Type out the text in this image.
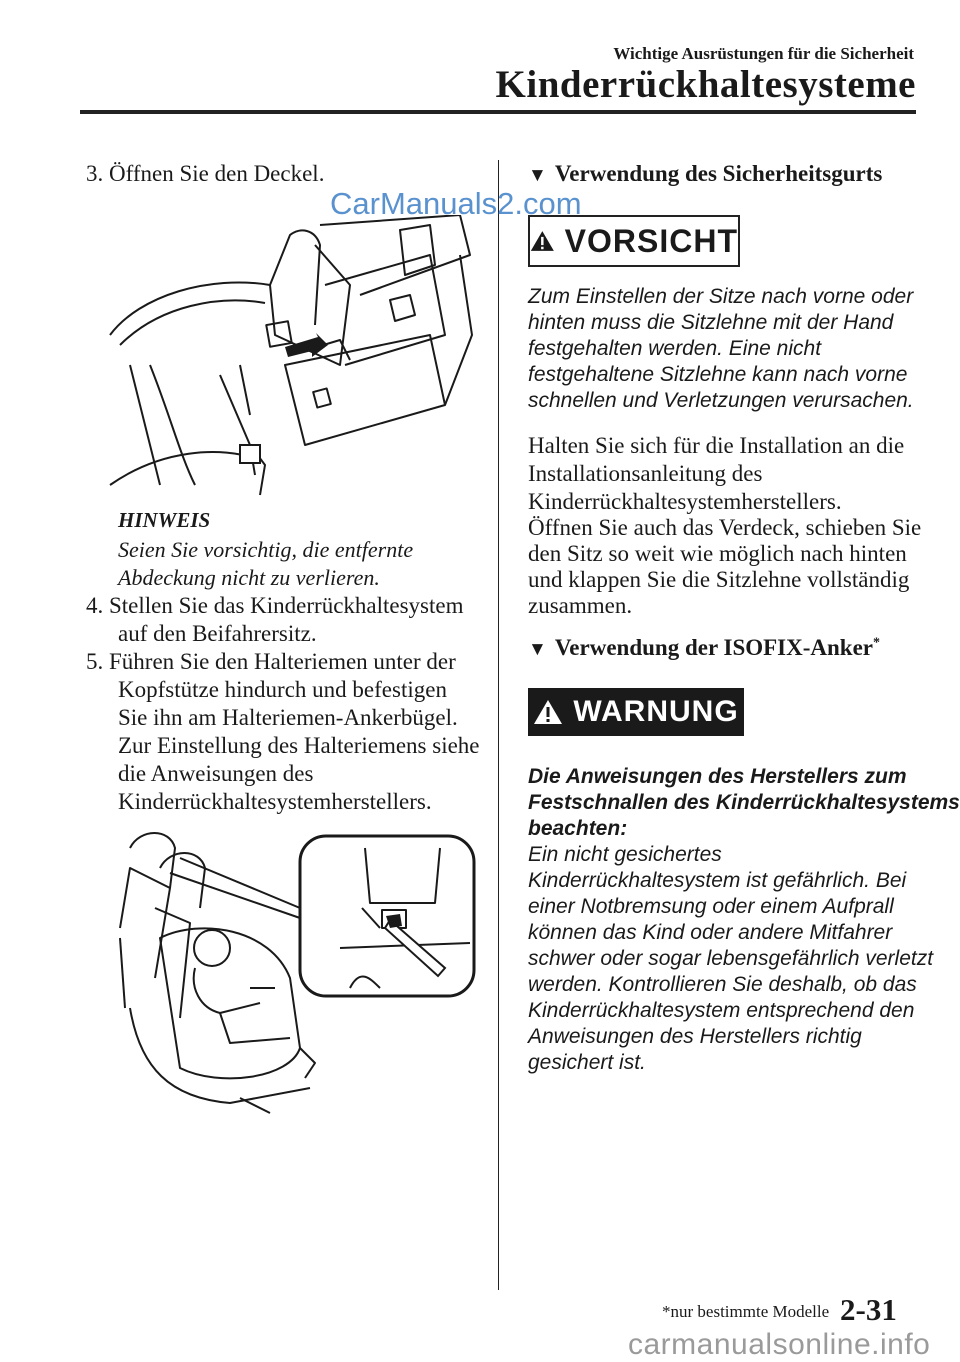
Wichtige Ausrüstungen für die Sicherheit
Kinderrückhaltesysteme

3. Öffnen Sie den Deckel.

CarManuals2.com

HINWEIS

Seien Sie vorsichtig, die entfernte

Abdeckung nicht zu verlieren.

4. Stellen Sie das Kinderrückhaltesystem

auf den Beifahrersitz.

5. Führen Sie den Halteriemen unter der

Kopfstütze hindurch und befestigen

Sie ihn am Halteriemen-Ankerbügel.

Zur Einstellung des Halteriemens siehe

die Anweisungen des

Kinderrückhaltesystemherstellers.

▼ Verwendung des Sicherheitsgurts
VORSICHT

Zum Einstellen der Sitze nach vorne oder

hinten muss die Sitzlehne mit der Hand

festgehalten werden. Eine nicht

festgehaltene Sitzlehne kann nach vorne

schnellen und Verletzungen verursachen.

Halten Sie sich für die Installation an die

Installationsanleitung des

Kinderrückhaltesystemherstellers.

Öffnen Sie auch das Verdeck, schieben Sie

den Sitz so weit wie möglich nach hinten

und klappen Sie die Sitzlehne vollständig

zusammen.

▼ Verwendung der ISOFIX-Anker*
WARNUNG

Die Anweisungen des Herstellers zum

Festschnallen des Kinderrückhaltesystems

beachten:

Ein nicht gesichertes

Kinderrückhaltesystem ist gefährlich. Bei

einer Notbremsung oder einem Aufprall

können das Kind oder andere Mitfahrer

schwer oder sogar lebensgefährlich verletzt

werden. Kontrollieren Sie deshalb, ob das

Kinderrückhaltesystem entsprechend den

Anweisungen des Herstellers richtig

gesichert ist.

*nur bestimmte Modelle 2-31

carmanualsonline.info
